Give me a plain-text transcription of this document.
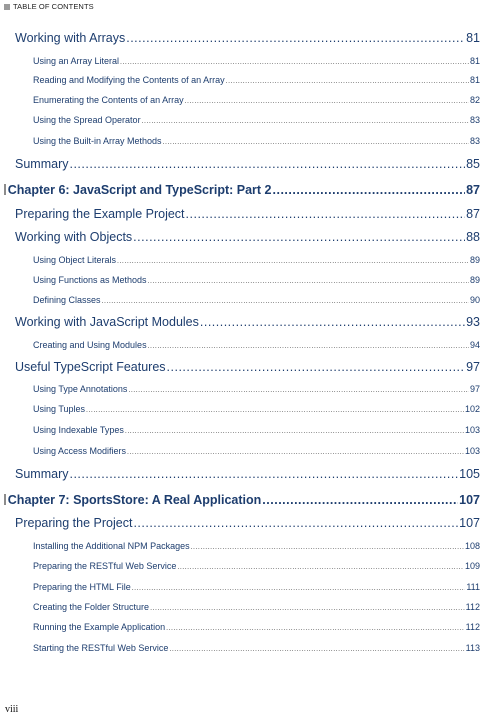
TABLE OF CONTENTS
Working with Arrays .....	81
Using an Array Literal .....	81
Reading and Modifying the Contents of an Array .....	81
Enumerating the Contents of an Array .....	82
Using the Spread Operator .....	83
Using the Built-in Array Methods .....	83
Summary .....	85
Chapter 6: JavaScript and TypeScript: Part 2 .....	87
Preparing the Example Project .....	87
Working with Objects .....	88
Using Object Literals .....	89
Using Functions as Methods .....	89
Defining Classes .....	90
Working with JavaScript Modules .....	93
Creating and Using Modules .....	94
Useful TypeScript Features .....	97
Using Type Annotations .....	97
Using Tuples .....	102
Using Indexable Types .....	103
Using Access Modifiers .....	103
Summary .....	105
Chapter 7: SportsStore: A Real Application .....	107
Preparing the Project .....	107
Installing the Additional NPM Packages .....	108
Preparing the RESTful Web Service .....	109
Preparing the HTML File .....	111
Creating the Folder Structure .....	112
Running the Example Application .....	112
Starting the RESTful Web Service .....	113
viii
